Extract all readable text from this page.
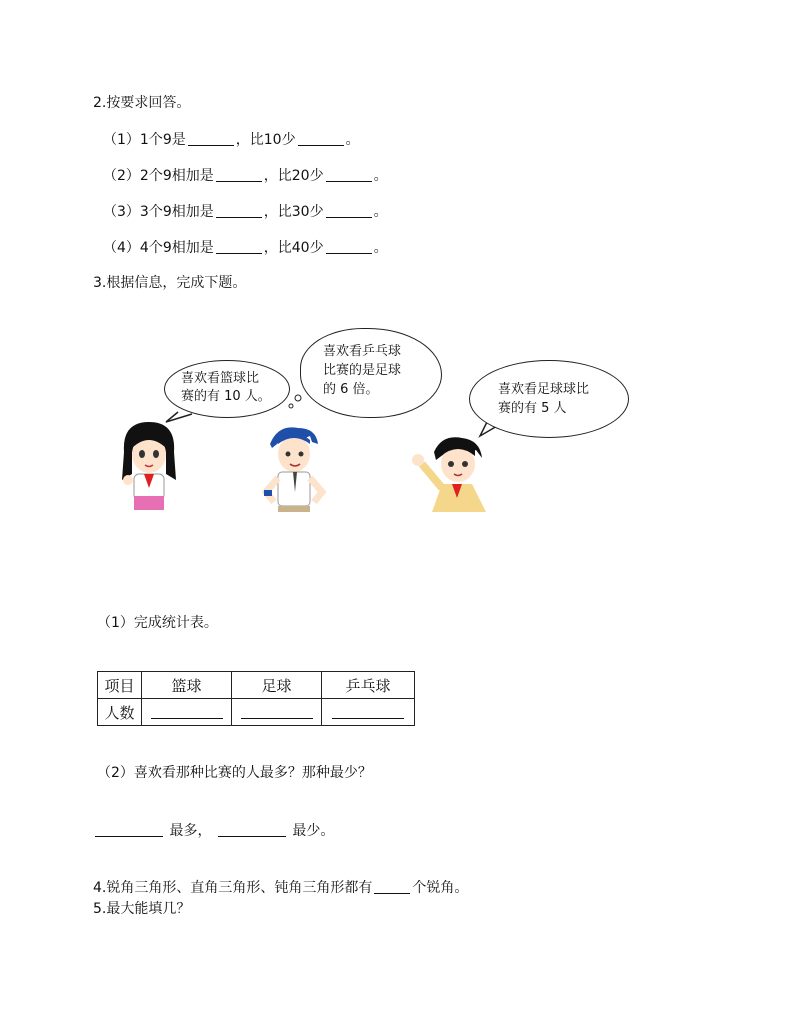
2.按要求回答。
（1）1个9是	，比10少	。
（2）2个9相加是	，比20少	。
（3）3个9相加是	，比30少	。
（4）4个9相加是	，比40少	。
3.根据信息，完成下题。
喜欢看篮球比
赛的有 10 人。
喜欢看乒乓球
比赛的是足球
的 6 倍。	喜欢看足球球比
赛的有 5 人
（1）完成统计表。
项目	篮球	足球	乒乓球
人数			
（2）喜欢看那种比赛的人最多？那种最少？
最多，	最少。
4.锐角三角形、直角三角形、钝角三角形都有	个锐角。
5.最大能填几？
